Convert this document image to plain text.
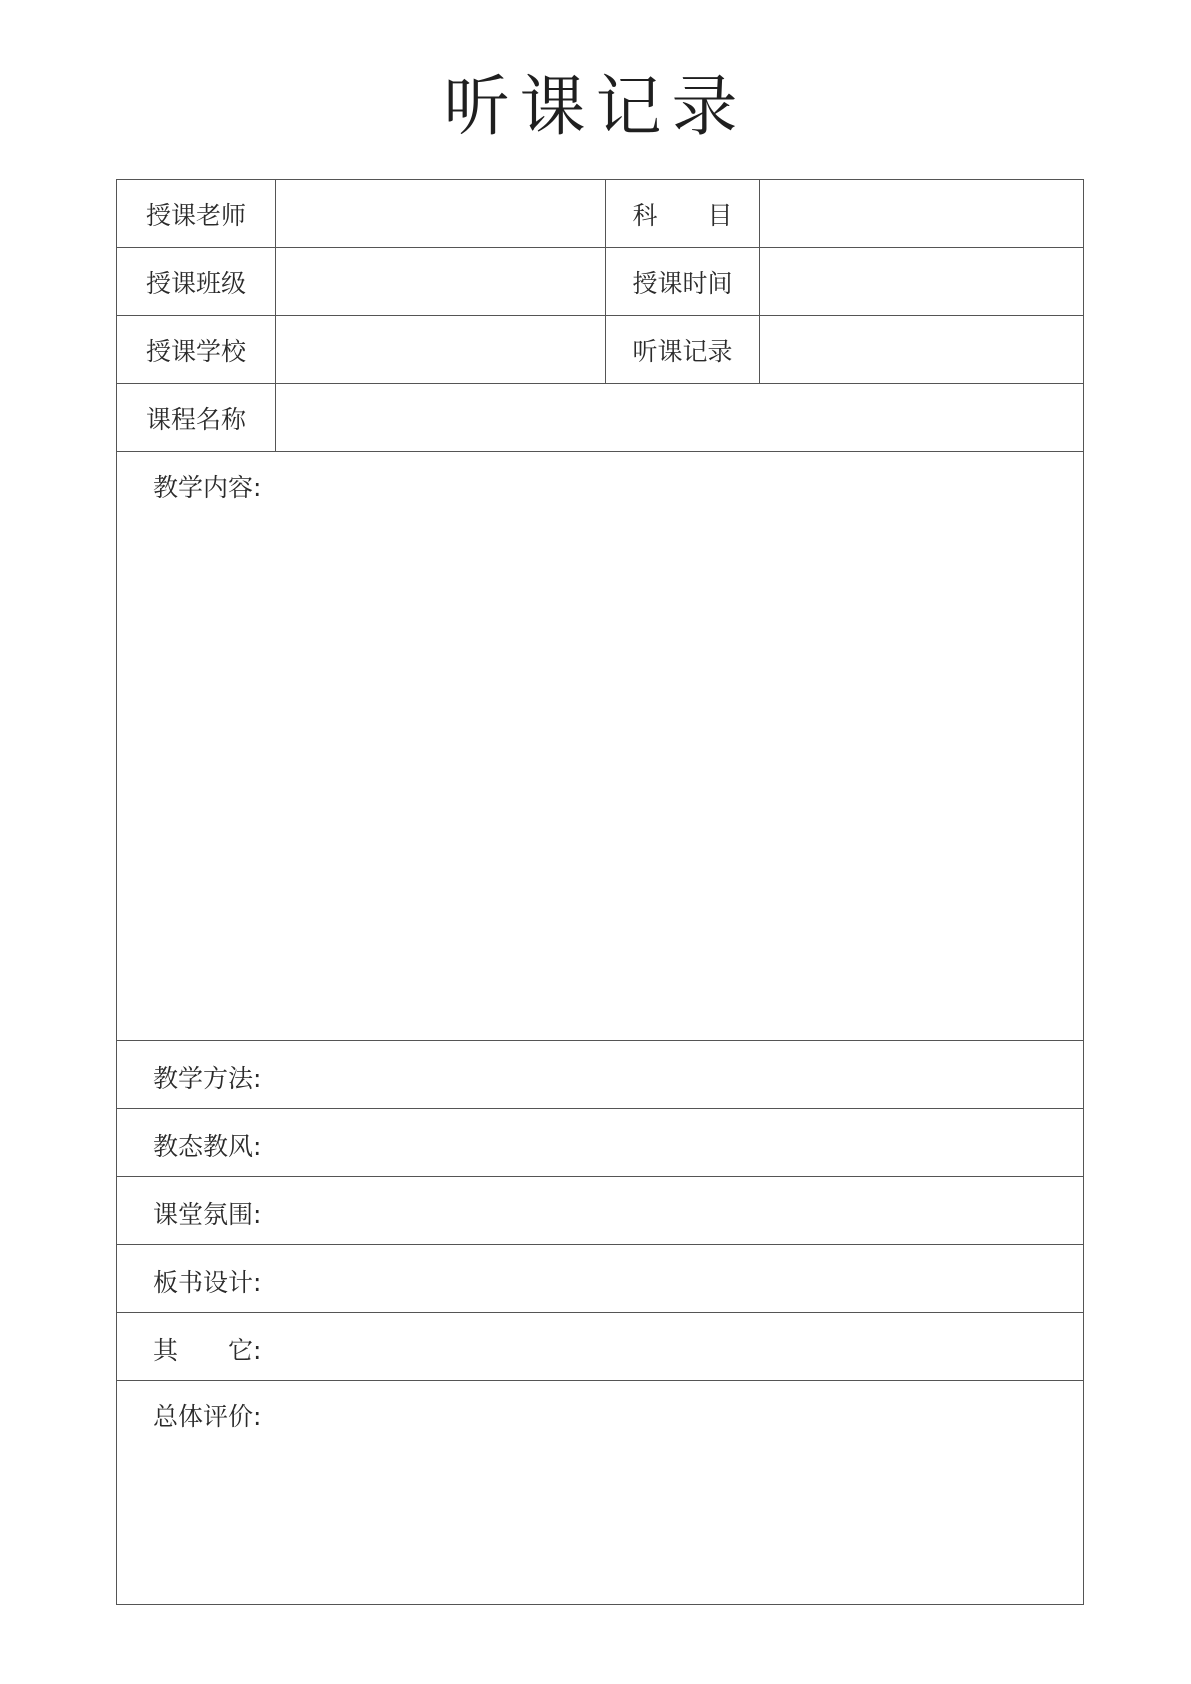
听课记录
授课老师	科　　目
授课班级	授课时间
授课学校	听课记录
课程名称
教学内容:
教学方法:
教态教风:
课堂氛围:
板书设计:
其　　它:
总体评价:
